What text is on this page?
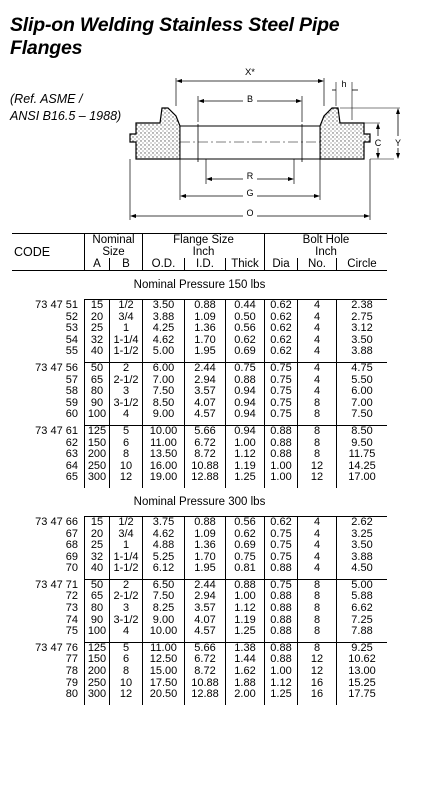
Slip-on Welding Stainless Steel Pipe
Flanges
(Ref. ASME /
ANSI B16.5 – 1988)
X*
B
h
C Y
R
G
O
CODE	Nominal Size		Flange Size Inch			Bolt Hole Inch		

	A	B	O.D.	I.D.	Thick	Dia	No.	Circle
Nominal Pressure 150 lbs								
73 47 51	15	1/2	3.50	0.88	0.44	0.62	4	2.38
52	20	3/4	3.88	1.09	0.50	0.62	4	2.75
53	25	1	4.25	1.36	0.56	0.62	4	3.12
54	32	1-1/4	4.62	1.70	0.62	0.62	4	3.50
55	40	1-1/2	5.00	1.95	0.69	0.62	4	3.88

73 47 56	50	2	6.00	2.44	0.75	0.75	4	4.75
57	65	2-1/2	7.00	2.94	0.88	0.75	4	5.50
58	80	3	7.50	3.57	0.94	0.75	4	6.00
59	90	3-1/2	8.50	4.07	0.94	0.75	8	7.00
60	100	4	9.00	4.57	0.94	0.75	8	7.50

73 47 61	125	5	10.00	5.66	0.94	0.88	8	8.50
62	150	6	11.00	6.72	1.00	0.88	8	9.50
63	200	8	13.50	8.72	1.12	0.88	8	11.75
64	250	10	16.00	10.88	1.19	1.00	12	14.25
65	300	12	19.00	12.88	1.25	1.00	12	17.00

Nominal Pressure 300 lbs								
73 47 66	15	1/2	3.75	0.88	0.56	0.62	4	2.62
67	20	3/4	4.62	1.09	0.62	0.75	4	3.25
68	25	1	4.88	1.36	0.69	0.75	4	3.50
69	32	1-1/4	5.25	1.70	0.75	0.75	4	3.88
70	40	1-1/2	6.12	1.95	0.81	0.88	4	4.50

73 47 71	50	2	6.50	2.44	0.88	0.75	8	5.00
72	65	2-1/2	7.50	2.94	1.00	0.88	8	5.88
73	80	3	8.25	3.57	1.12	0.88	8	6.62
74	90	3-1/2	9.00	4.07	1.19	0.88	8	7.25
75	100	4	10.00	4.57	1.25	0.88	8	7.88

73 47 76	125	5	11.00	5.66	1.38	0.88	8	9.25
77	150	6	12.50	6.72	1.44	0.88	12	10.62
78	200	8	15.00	8.72	1.62	1.00	12	13.00
79	250	10	17.50	10.88	1.88	1.12	16	15.25
80	300	12	20.50	12.88	2.00	1.25	16	17.75
